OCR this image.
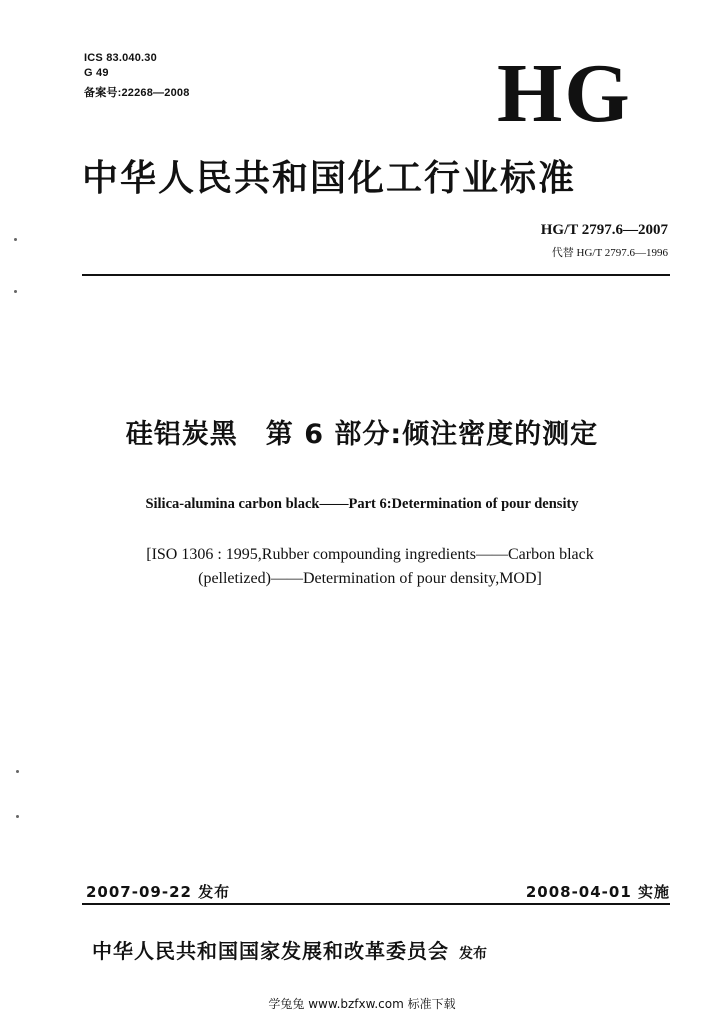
ICS 83.040.30
G 49
备案号:22268—2008	HG
中华人民共和国化工行业标准
HG/T 2797.6—2007
代替 HG/T 2797.6—1996
硅铝炭黑　第 6 部分:倾注密度的测定
Silica-alumina carbon black——Part 6:Determination of pour density
[ISO 1306 : 1995,Rubber compounding ingredients——Carbon black
(pelletized)——Determination of pour density,MOD]
2007-09-22 发布	2008-04-01 实施
中华人民共和国国家发展和改革委员会 发布
学兔兔 www.bzfxw.com 标准下载
